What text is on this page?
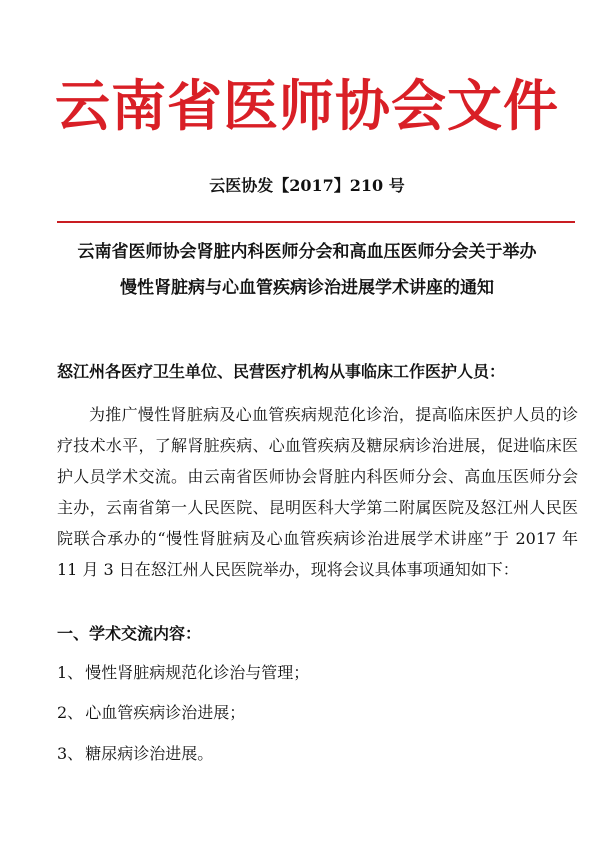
云南省医师协会文件
云医协发【2017】210 号
云南省医师协会肾脏内科医师分会和高血压医师分会关于举办
慢性肾脏病与心血管疾病诊治进展学术讲座的通知
怒江州各医疗卫生单位、民营医疗机构从事临床工作医护人员：
为推广慢性肾脏病及心血管疾病规范化诊治，提高临床医护人员的诊疗技术水平，了解肾脏疾病、心血管疾病及糖尿病诊治进展，促进临床医护人员学术交流。由云南省医师协会肾脏内科医师分会、高血压医师分会主办，云南省第一人民医院、昆明医科大学第二附属医院及怒江州人民医院联合承办的“慢性肾脏病及心血管疾病诊治进展学术讲座”于 2017 年 11 月 3 日在怒江州人民医院举办，现将会议具体事项通知如下：
一、学术交流内容：
1、 慢性肾脏病规范化诊治与管理；
2、 心血管疾病诊治进展；
3、 糖尿病诊治进展。
